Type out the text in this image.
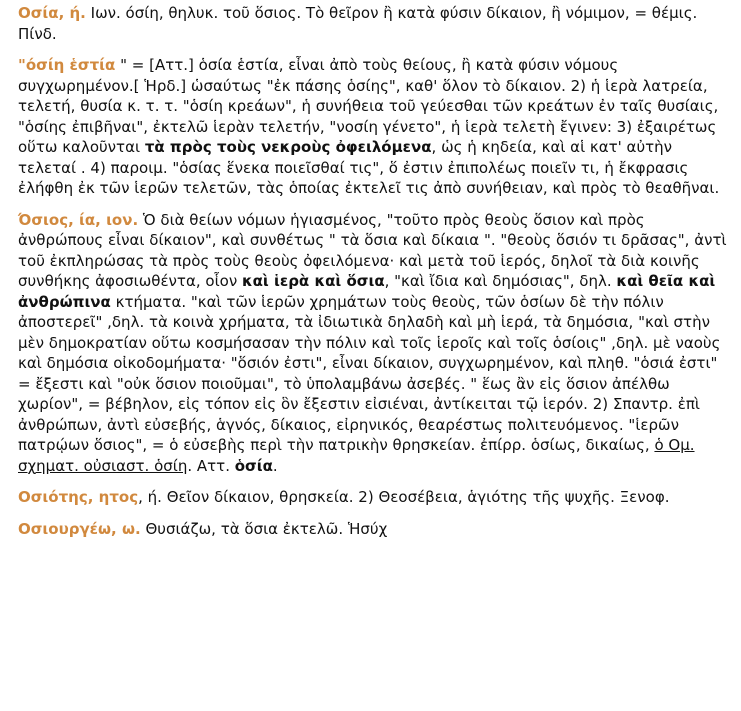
Οσία, ή. Ιων. όσίη, θηλυκ. τοῦ ὅσιος. Τὸ θεῖρον ἢ κατὰ φύσιν δίκαιον, ἢ νόμιμον, = θέμις. Πίνδ.

"όσίη ἑστία " = [Αττ.] ὁσία ἑστία, εἶναι ἀπὸ τοὺς θείους, ἢ κατὰ φύσιν νόμους συγχωρημένον.[ Ἡρδ.] ὡσαύτως "ἐκ πάσης ὁσίης", καθ' ὅλον τὸ δίκαιον. 2) ἡ ἱερὰ λατρεία, τελετή, θυσία κ. τ. τ. "ὁσίη κρεάων", ἡ συνήθεια τοῦ γεύεσθαι τῶν κρεάτων ἐν ταῖς θυσίαις, "ὁσίης ἐπιβῆναι", ἐκτελῶ ἱερὰν τελετήν, "νοσίη γένετο", ἡ ἱερὰ τελετὴ ἔγινεν: 3) ἐξαιρέτως οὕτω καλοῦνται τὰ πρὸς τοὺς νεκροὺς ὀφειλόμενα, ὡς ἡ κηδεία, καὶ αἱ κατ' αὐτὴν τελεταί . 4) παροιμ. "ὁσίας ἕνεκα ποιεῖσθαί τις", ὅ ἐστιν ἐπιπολέως ποιεῖν τι, ἡ ἔκφρασις ἐλήφθη ἐκ τῶν ἱερῶν τελετῶν, τὰς ὁποίας ἐκτελεῖ τις ἀπὸ συνήθειαν, καὶ πρὸς τὸ θεαθῆναι.

Όσιος, ία, ιον. Ὁ διὰ θείων νόμων ἡγιασμένος, "τοῦτο πρὸς θεοὺς ὅσιον καὶ πρὸς ἀνθρώπους εἶναι δίκαιον", καὶ συνθέτως " τὰ ὅσια καὶ δίκαια ". "θεοὺς ὅσιόν τι δρᾶσας", ἀντὶ τοῦ ἐκπληρώσας τὰ πρὸς τοὺς θεοὺς ὀφειλόμενα· καὶ μετὰ τοῦ ἱερός, δηλοῖ τὰ διὰ κοινῆς συνθήκης ἀφοσιωθέντα, οἷον καὶ ἱερὰ καὶ ὅσια, "καὶ ἴδια καὶ δημόσιας", δηλ. καὶ θεῖα καὶ ἀνθρώπινα κτήματα. "καὶ τῶν ἱερῶν χρημάτων τοὺς θεοὺς, τῶν ὁσίων δὲ τὴν πόλιν ἀποστερεῖ" ,δηλ. τὰ κοινὰ χρήματα, τὰ ἰδιωτικὰ δηλαδὴ καὶ μὴ ἱερά, τὰ δημόσια, "καὶ στὴν μὲν δημοκρατίαν οὕτω κοσμήσασαν τὴν πόλιν καὶ τοῖς ἱεροῖς καὶ τοῖς ὁσίοις" ,δηλ. μὲ ναοὺς καὶ δημόσια οἰκοδομήματα· "ὅσιόν ἐστι", εἶναι δίκαιον, συγχωρημένον, καὶ πληθ. "ὁσιά ἐστι" = ἔξεστι καὶ "οὐκ ὅσιον ποιοῦμαι", τὸ ὑπολαμβάνω ἀσεβές. " ἕως ἂν εἰς ὅσιον ἀπέλθω χωρίον", = βέβηλον, εἰς τόπον εἰς ὃν ἔξεστιν εἰσιέναι, ἀντίκειται τῷ ἱερόν. 2) Σπαντρ. ἐπὶ ἀνθρώπων, ἀντὶ εὐσεβής, ἁγνός, δίκαιος, εἰρηνικός, θεαρέστως πολιτευόμενος. "ἱερῶν πατρῴων ὅσιος", = ὁ εὐσεβὴς περὶ τὴν πατρικὴν θρησκείαν. ἐπίρρ. ὁσίως, δικαίως, ὁ Ομ. σχηματ. οὐσιαστ. ὁσίη. Αττ. ὁσία.

Οσιότης, ητος, ή. Θεῖον δίκαιον, θρησκεία. 2) Θεοσέβεια, ἁγιότης τῆς ψυχῆς. Ξενοφ.

Οσιουργέω, ω. Θυσιάζω, τὰ ὅσια ἐκτελῶ. Ἡσύχ
